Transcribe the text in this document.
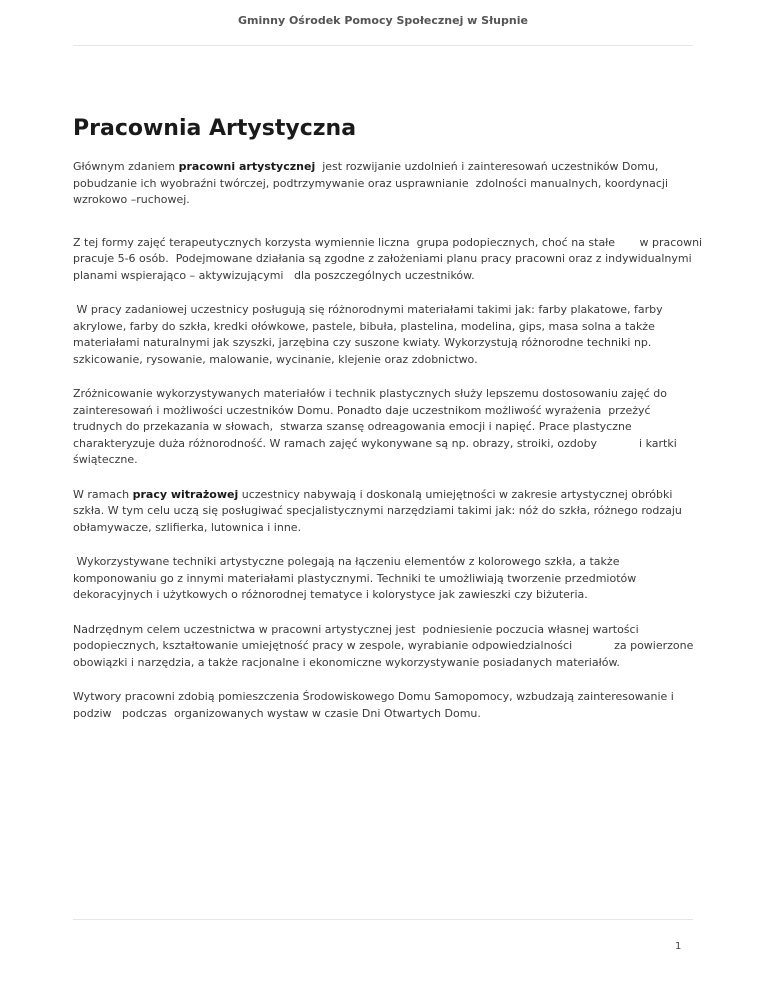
Gminny Ośrodek Pomocy Społecznej w Słupnie
Pracownia Artystyczna

Głównym zdaniem pracowni artystycznej  jest rozwijanie uzdolnień i zainteresowań uczestników Domu, pobudzanie ich wyobraźni twórczej, podtrzymywanie oraz usprawnianie  zdolności manualnych, koordynacji wzrokowo –ruchowej.

Z tej formy zajęć terapeutycznych korzysta wymiennie liczna  grupa podopiecznych, choć na stałe       w pracowni pracuje 5-6 osób.  Podejmowane działania są zgodne z założeniami planu pracy pracowni oraz z indywidualnymi planami wspierająco – aktywizującymi   dla poszczególnych uczestników.

W pracy zadaniowej uczestnicy posługują się różnorodnymi materiałami takimi jak: farby plakatowe, farby akrylowe, farby do szkła, kredki ołówkowe, pastele, bibuła, plastelina, modelina, gips, masa solna a także materiałami naturalnymi jak szyszki, jarzębina czy suszone kwiaty. Wykorzystują różnorodne techniki np. szkicowanie, rysowanie, malowanie, wycinanie, klejenie oraz zdobnictwo.

Zróżnicowanie wykorzystywanych materiałów i technik plastycznych służy lepszemu dostosowaniu zajęć do zainteresowań i możliwości uczestników Domu. Ponadto daje uczestnikom możliwość wyrażenia  przeżyć trudnych do przekazania w słowach,  stwarza szansę odreagowania emocji i napięć. Prace plastyczne charakteryzuje duża różnorodność. W ramach zajęć wykonywane są np. obrazy, stroiki, ozdoby            i kartki świąteczne.

W ramach pracy witrażowej uczestnicy nabywają i doskonalą umiejętności w zakresie artystycznej obróbki szkła. W tym celu uczą się posługiwać specjalistycznymi narzędziami takimi jak: nóż do szkła, różnego rodzaju obłamywacze, szlifierka, lutownica i inne.

Wykorzystywane techniki artystyczne polegają na łączeniu elementów z kolorowego szkła, a także komponowaniu go z innymi materiałami plastycznymi. Techniki te umożliwiają tworzenie przedmiotów dekoracyjnych i użytkowych o różnorodnej tematyce i kolorystyce jak zawieszki czy biżuteria.

Nadrzędnym celem uczestnictwa w pracowni artystycznej jest  podniesienie poczucia własnej wartości podopiecznych, kształtowanie umiejętność pracy w zespole, wyrabianie odpowiedzialności            za powierzone obowiązki i narzędzia, a także racjonalne i ekonomiczne wykorzystywanie posiadanych materiałów.

Wytwory pracowni zdobią pomieszczenia Środowiskowego Domu Samopomocy, wzbudzają zainteresowanie i podziw   podczas  organizowanych wystaw w czasie Dni Otwartych Domu.

1
